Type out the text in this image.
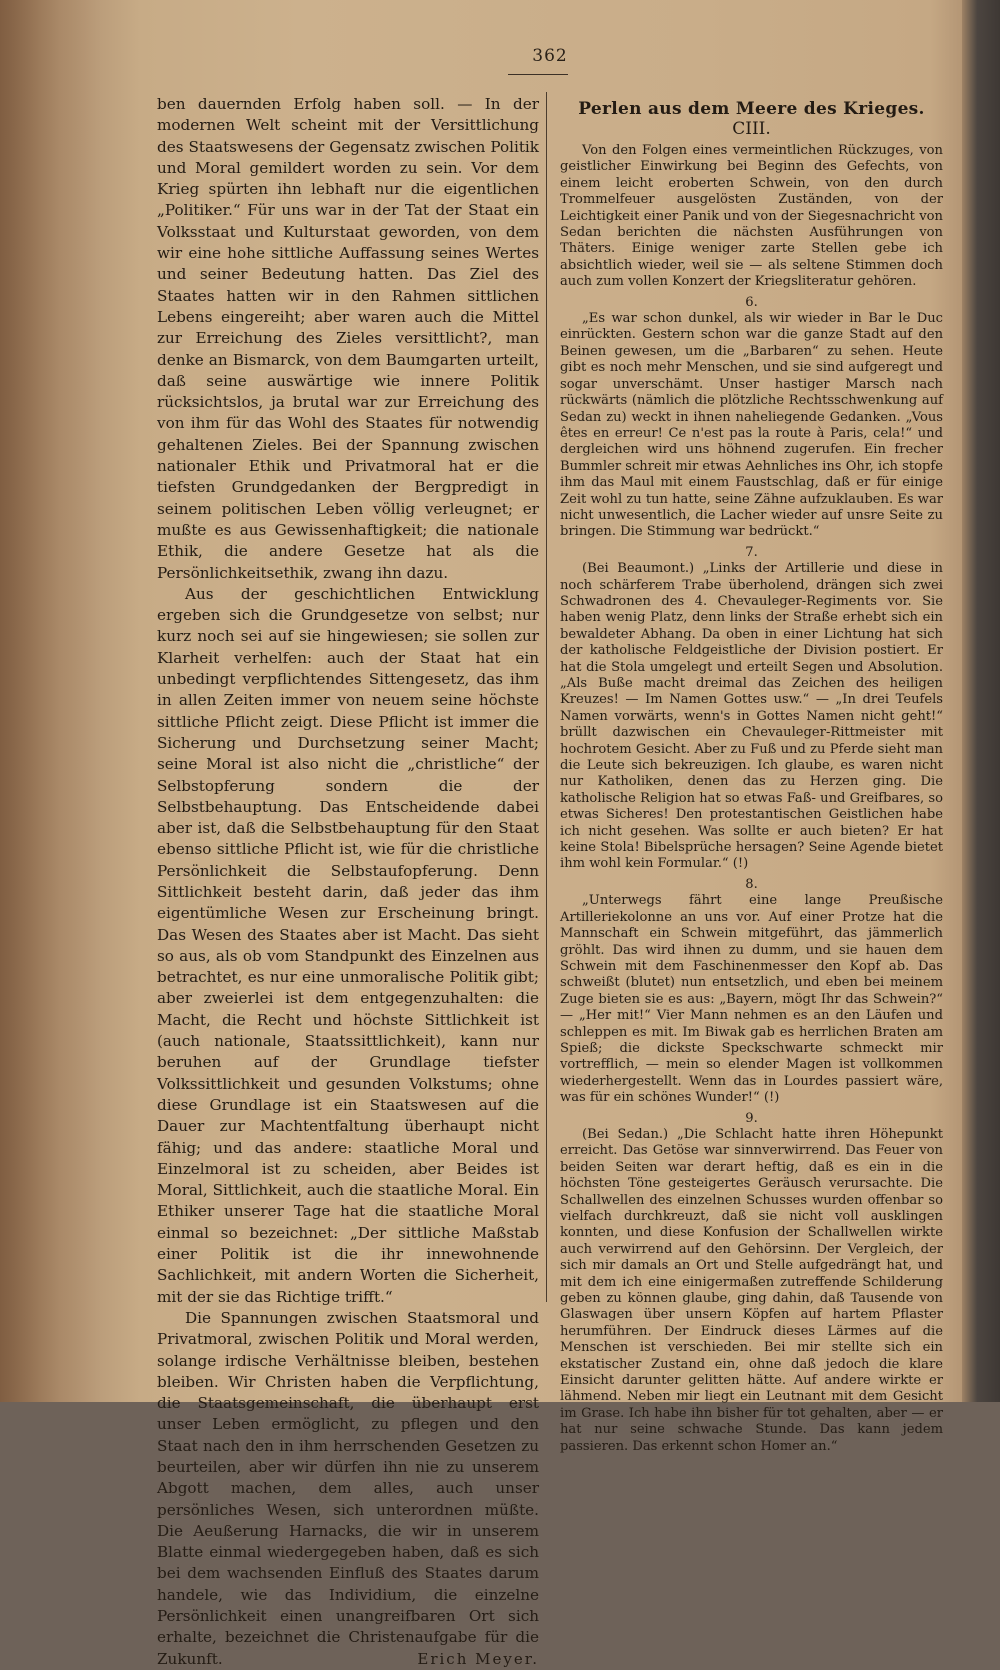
362

ben dauernden Erfolg haben soll. — In der modernen Welt scheint mit der Versittlichung des Staatswesens der Gegensatz zwischen Politik und Moral gemildert worden zu sein. Vor dem Krieg spürten ihn lebhaft nur die eigentlichen „Politiker.“ Für uns war in der Tat der Staat ein Volksstaat und Kulturstaat geworden, von dem wir eine hohe sittliche Auffassung seines Wertes und seiner Bedeutung hatten. Das Ziel des Staates hatten wir in den Rahmen sittlichen Lebens eingereiht; aber waren auch die Mittel zur Erreichung des Zieles versittlicht?, man denke an Bismarck, von dem Baumgarten urteilt, daß seine auswärtige wie innere Politik rücksichtslos, ja brutal war zur Erreichung des von ihm für das Wohl des Staates für notwendig gehaltenen Zieles. Bei der Spannung zwischen nationaler Ethik und Privatmoral hat er die tiefsten Grundgedanken der Bergpredigt in seinem politischen Leben völlig verleugnet; er mußte es aus Gewissenhaftigkeit; die nationale Ethik, die andere Gesetze hat als die Persönlichkeitsethik, zwang ihn dazu.

Aus der geschichtlichen Entwicklung ergeben sich die Grundgesetze von selbst; nur kurz noch sei auf sie hingewiesen; sie sollen zur Klarheit verhelfen: auch der Staat hat ein unbedingt verpflichtendes Sittengesetz, das ihm in allen Zeiten immer von neuem seine höchste sittliche Pflicht zeigt. Diese Pflicht ist immer die Sicherung und Durchsetzung seiner Macht; seine Moral ist also nicht die „christliche“ der Selbstopferung sondern die der Selbstbehauptung. Das Entscheidende dabei aber ist, daß die Selbstbehauptung für den Staat ebenso sittliche Pflicht ist, wie für die christliche Persönlichkeit die Selbstaufopferung. Denn Sittlichkeit besteht darin, daß jeder das ihm eigentümliche Wesen zur Erscheinung bringt. Das Wesen des Staates aber ist Macht. Das sieht so aus, als ob vom Standpunkt des Einzelnen aus betrachtet, es nur eine unmoralische Politik gibt; aber zweierlei ist dem entgegenzuhalten: die Macht, die Recht und höchste Sittlichkeit ist (auch nationale, Staatssittlichkeit), kann nur beruhen auf der Grundlage tiefster Volkssittlichkeit und gesunden Volkstums; ohne diese Grundlage ist ein Staatswesen auf die Dauer zur Machtentfaltung überhaupt nicht fähig; und das andere: staatliche Moral und Einzelmoral ist zu scheiden, aber Beides ist Moral, Sittlichkeit, auch die staatliche Moral. Ein Ethiker unserer Tage hat die staatliche Moral einmal so bezeichnet: „Der sittliche Maßstab einer Politik ist die ihr innewohnende Sachlichkeit, mit andern Worten die Sicherheit, mit der sie das Richtige trifft.“

Die Spannungen zwischen Staatsmoral und Privatmoral, zwischen Politik und Moral werden, solange irdische Verhältnisse bleiben, bestehen bleiben. Wir Christen haben die Verpflichtung, die Staatsgemeinschaft, die überhaupt erst unser Leben ermöglicht, zu pflegen und den Staat nach den in ihm herrschenden Gesetzen zu beurteilen, aber wir dürfen ihn nie zu unserem Abgott machen, dem alles, auch unser persönliches Wesen, sich unterordnen müßte. Die Aeußerung Harnacks, die wir in unserem Blatte einmal wiedergegeben haben, daß es sich bei dem wachsenden Einfluß des Staates darum handele, wie das Individium, die einzelne Persönlichkeit einen unangreifbaren Ort sich erhalte, bezeichnet die Christenaufgabe für die Zukunft.	Erich Meyer.
Perlen aus dem Meere des Krieges.
CIII.

Von den Folgen eines vermeintlichen Rückzuges, von geistlicher Einwirkung bei Beginn des Gefechts, von einem leicht eroberten Schwein, von den durch Trommelfeuer ausgelösten Zuständen, von der Leichtigkeit einer Panik und von der Siegesnachricht von Sedan berichten die nächsten Ausführungen von Thäters. Einige weniger zarte Stellen gebe ich absichtlich wieder, weil sie — als seltene Stimmen doch auch zum vollen Konzert der Kriegsliteratur gehören.

6.

„Es war schon dunkel, als wir wieder in Bar le Duc einrückten. Gestern schon war die ganze Stadt auf den Beinen gewesen, um die „Barbaren“ zu sehen. Heute gibt es noch mehr Menschen, und sie sind aufgeregt und sogar unverschämt. Unser hastiger Marsch nach rückwärts (nämlich die plötzliche Rechtsschwenkung auf Sedan zu) weckt in ihnen naheliegende Gedanken. „Vous êtes en erreur! Ce n'est pas la route à Paris, cela!“ und dergleichen wird uns höhnend zugerufen. Ein frecher Bummler schreit mir etwas Aehnliches ins Ohr, ich stopfe ihm das Maul mit einem Faustschlag, daß er für einige Zeit wohl zu tun hatte, seine Zähne aufzuklauben. Es war nicht unwesentlich, die Lacher wieder auf unsre Seite zu bringen. Die Stimmung war bedrückt.“

7.

(Bei Beaumont.) „Links der Artillerie und diese in noch schärferem Trabe überholend, drängen sich zwei Schwadronen des 4. Chevauleger-Regiments vor. Sie haben wenig Platz, denn links der Straße erhebt sich ein bewaldeter Abhang. Da oben in einer Lichtung hat sich der katholische Feldgeistliche der Division postiert. Er hat die Stola umgelegt und erteilt Segen und Absolution. „Als Buße macht dreimal das Zeichen des heiligen Kreuzes! — Im Namen Gottes usw.“ — „In drei Teufels Namen vorwärts, wenn's in Gottes Namen nicht geht!“ brüllt dazwischen ein Chevauleger-Rittmeister mit hochrotem Gesicht. Aber zu Fuß und zu Pferde sieht man die Leute sich bekreuzigen. Ich glaube, es waren nicht nur Katholiken, denen das zu Herzen ging. Die katholische Religion hat so etwas Faß- und Greifbares, so etwas Sicheres! Den protestantischen Geistlichen habe ich nicht gesehen. Was sollte er auch bieten? Er hat keine Stola! Bibelsprüche hersagen? Seine Agende bietet ihm wohl kein Formular.“ (!)

8.

„Unterwegs fährt eine lange Preußische Artilleriekolonne an uns vor. Auf einer Protze hat die Mannschaft ein Schwein mitgeführt, das jämmerlich gröhlt. Das wird ihnen zu dumm, und sie hauen dem Schwein mit dem Faschinenmesser den Kopf ab. Das schweißt (blutet) nun entsetzlich, und eben bei meinem Zuge bieten sie es aus: „Bayern, mögt Ihr das Schwein?“ — „Her mit!“ Vier Mann nehmen es an den Läufen und schleppen es mit. Im Biwak gab es herrlichen Braten am Spieß; die dickste Speckschwarte schmeckt mir vortrefflich, — mein so elender Magen ist vollkommen wiederhergestellt. Wenn das in Lourdes passiert wäre, was für ein schönes Wunder!“ (!)

9.

(Bei Sedan.) „Die Schlacht hatte ihren Höhepunkt erreicht. Das Getöse war sinnverwirrend. Das Feuer von beiden Seiten war derart heftig, daß es ein in die höchsten Töne gesteigertes Geräusch verursachte. Die Schallwellen des einzelnen Schusses wurden offenbar so vielfach durchkreuzt, daß sie nicht voll ausklingen konnten, und diese Konfusion der Schallwellen wirkte auch verwirrend auf den Gehörsinn. Der Vergleich, der sich mir damals an Ort und Stelle aufgedrängt hat, und mit dem ich eine einigermaßen zutreffende Schilderung geben zu können glaube, ging dahin, daß Tausende von Glaswagen über unsern Köpfen auf hartem Pflaster herumführen. Der Eindruck dieses Lärmes auf die Menschen ist verschieden. Bei mir stellte sich ein ekstatischer Zustand ein, ohne daß jedoch die klare Einsicht darunter gelitten hätte. Auf andere wirkte er lähmend. Neben mir liegt ein Leutnant mit dem Gesicht im Grase. Ich habe ihn bisher für tot gehalten, aber — er hat nur seine schwache Stunde. Das kann jedem passieren. Das erkennt schon Homer an.“
